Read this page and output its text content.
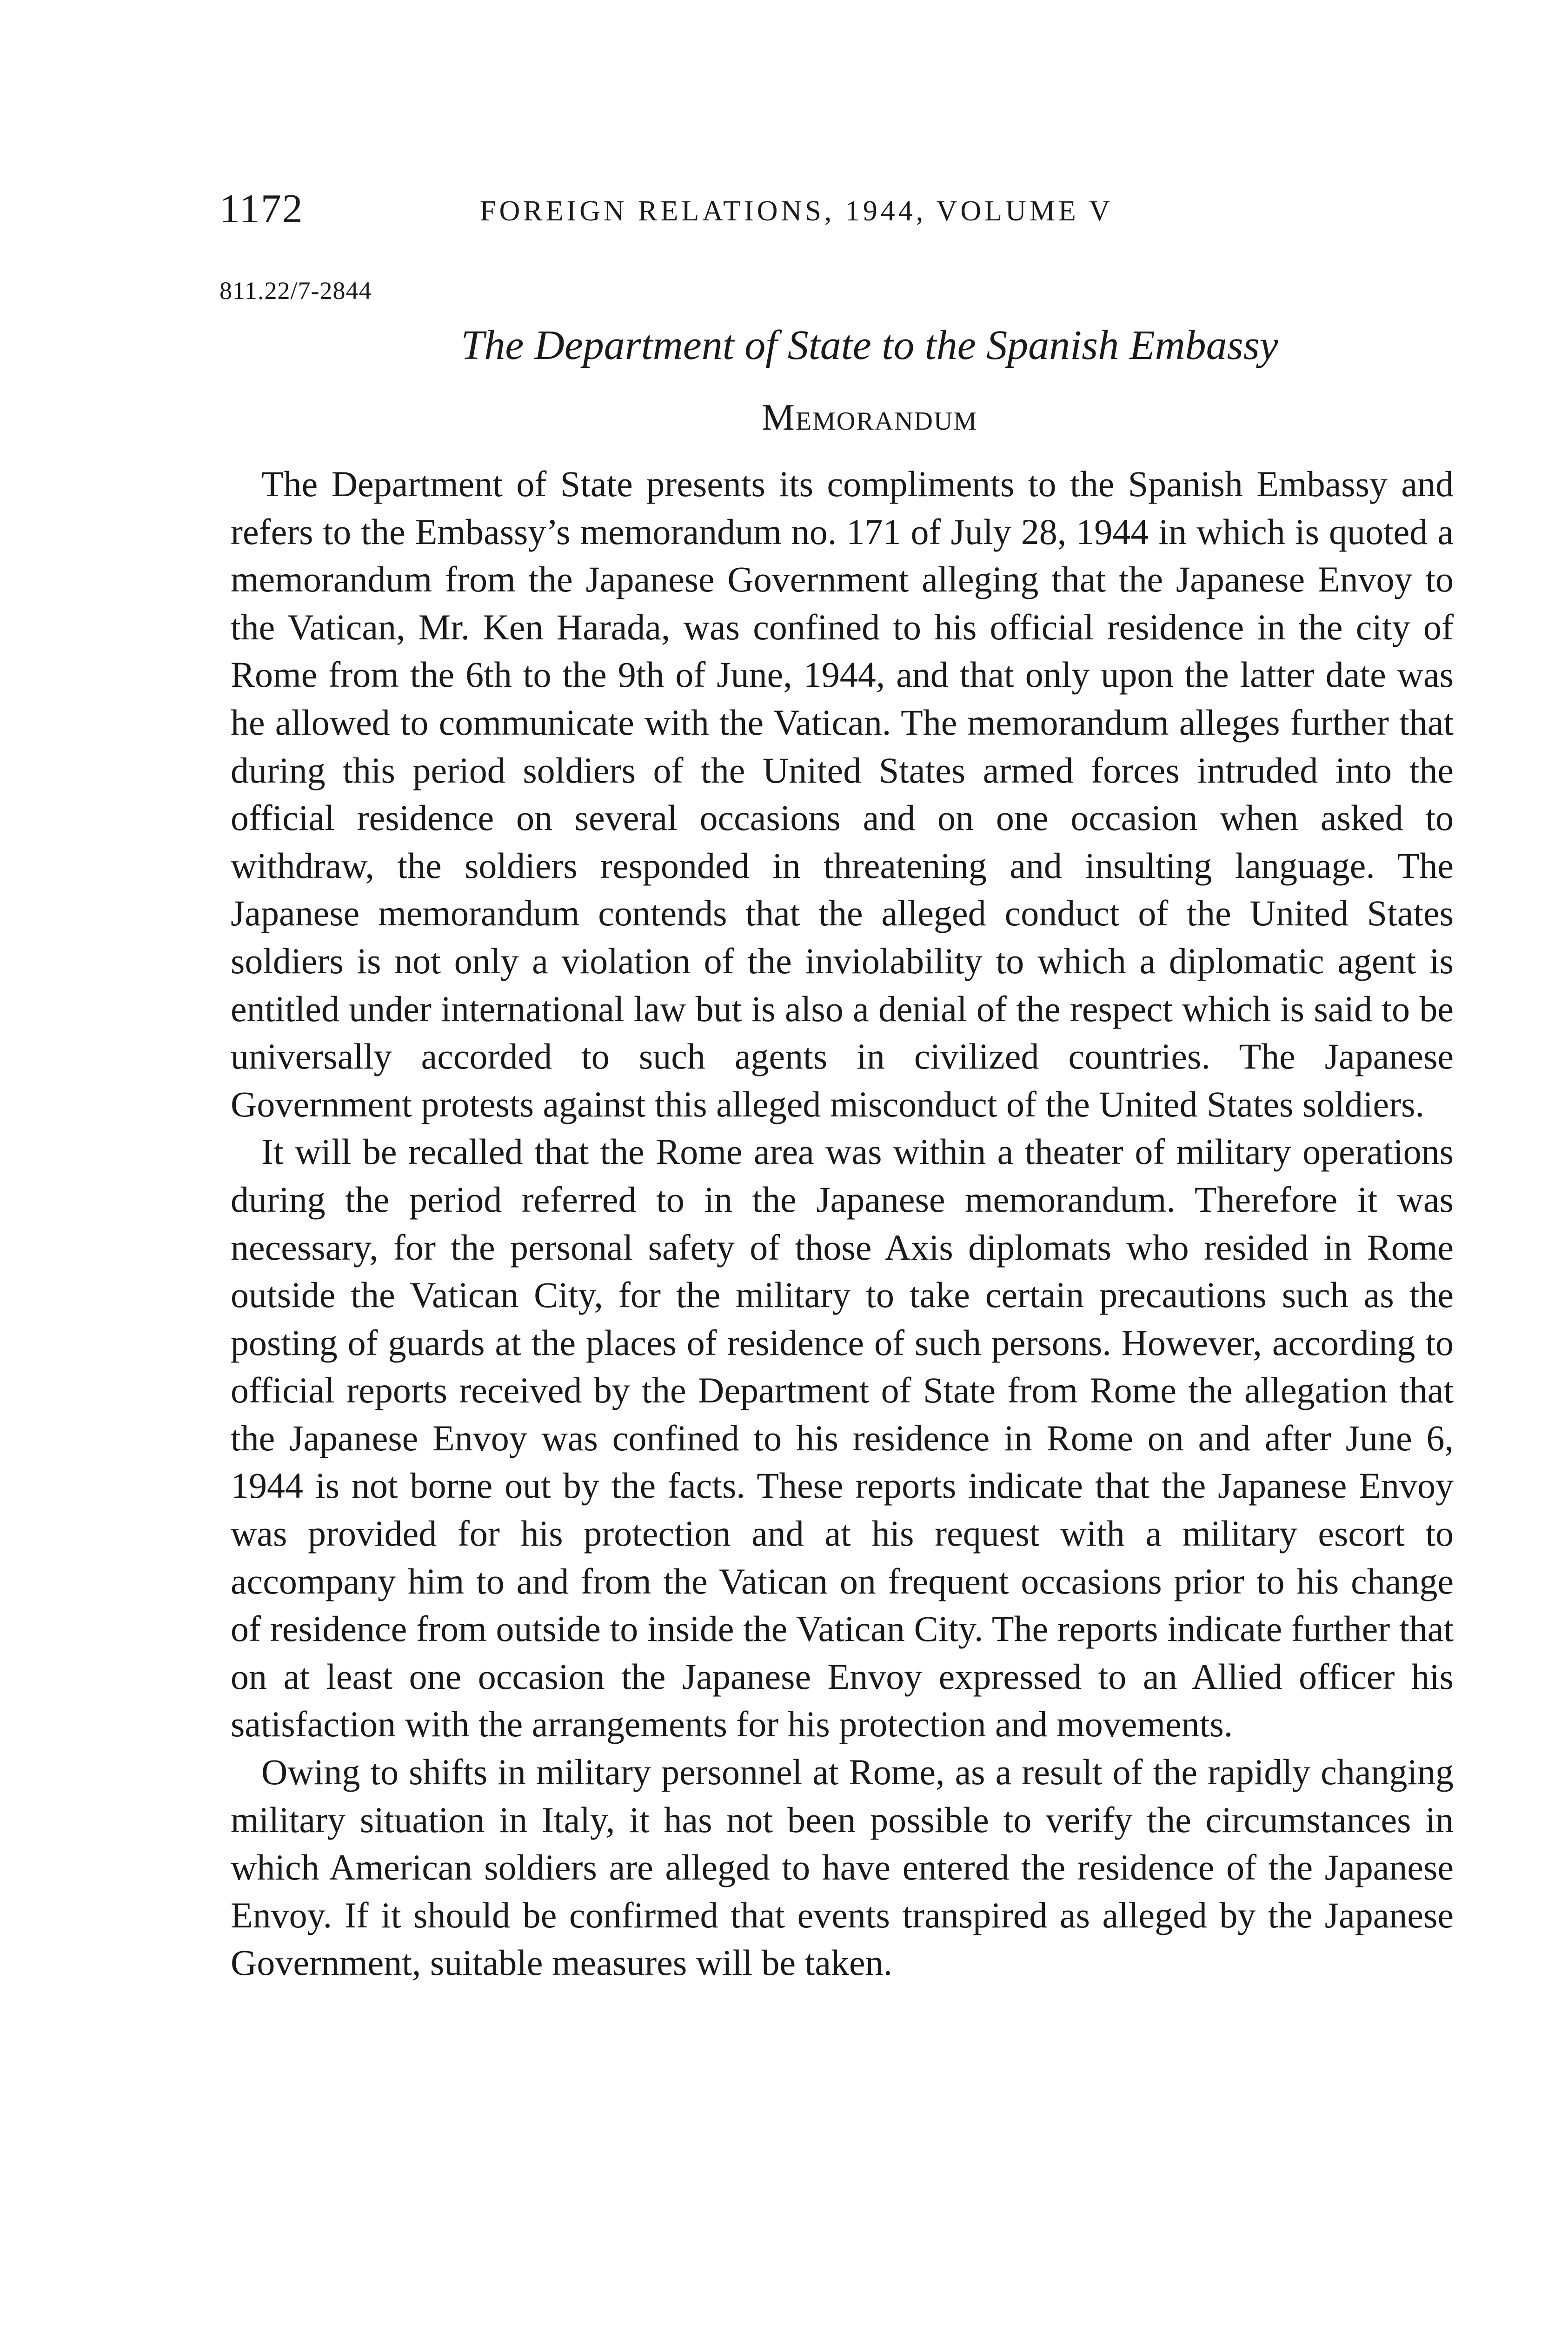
1172	FOREIGN RELATIONS, 1944, VOLUME V
811.22/7-2844
The Department of State to the Spanish Embassy
Memorandum

The Department of State presents its compliments to the Spanish Embassy and refers to the Embassy’s memorandum no. 171 of July 28, 1944 in which is quoted a memorandum from the Japanese Government alleging that the Japanese Envoy to the Vatican, Mr. Ken Harada, was confined to his official residence in the city of Rome from the 6th to the 9th of June, 1944, and that only upon the latter date was he allowed to communicate with the Vatican. The memorandum alleges further that during this period soldiers of the United States armed forces intruded into the official residence on several occasions and on one occasion when asked to withdraw, the soldiers responded in threatening and insulting language. The Japanese memorandum contends that the alleged conduct of the United States soldiers is not only a violation of the inviolability to which a diplomatic agent is entitled under international law but is also a denial of the respect which is said to be universally accorded to such agents in civilized countries. The Japanese Government protests against this alleged misconduct of the United States soldiers.

It will be recalled that the Rome area was within a theater of military operations during the period referred to in the Japanese memorandum. Therefore it was necessary, for the personal safety of those Axis diplomats who resided in Rome outside the Vatican City, for the military to take certain precautions such as the posting of guards at the places of residence of such persons. However, according to official reports received by the Department of State from Rome the allegation that the Japanese Envoy was confined to his residence in Rome on and after June 6, 1944 is not borne out by the facts. These reports indicate that the Japanese Envoy was provided for his protection and at his request with a military escort to accompany him to and from the Vatican on frequent occasions prior to his change of residence from outside to inside the Vatican City. The reports indicate further that on at least one occasion the Japanese Envoy expressed to an Allied officer his satisfaction with the arrangements for his protection and movements.

Owing to shifts in military personnel at Rome, as a result of the rapidly changing military situation in Italy, it has not been possible to verify the circumstances in which American soldiers are alleged to have entered the residence of the Japanese Envoy. If it should be confirmed that events transpired as alleged by the Japanese Government, suitable measures will be taken.
